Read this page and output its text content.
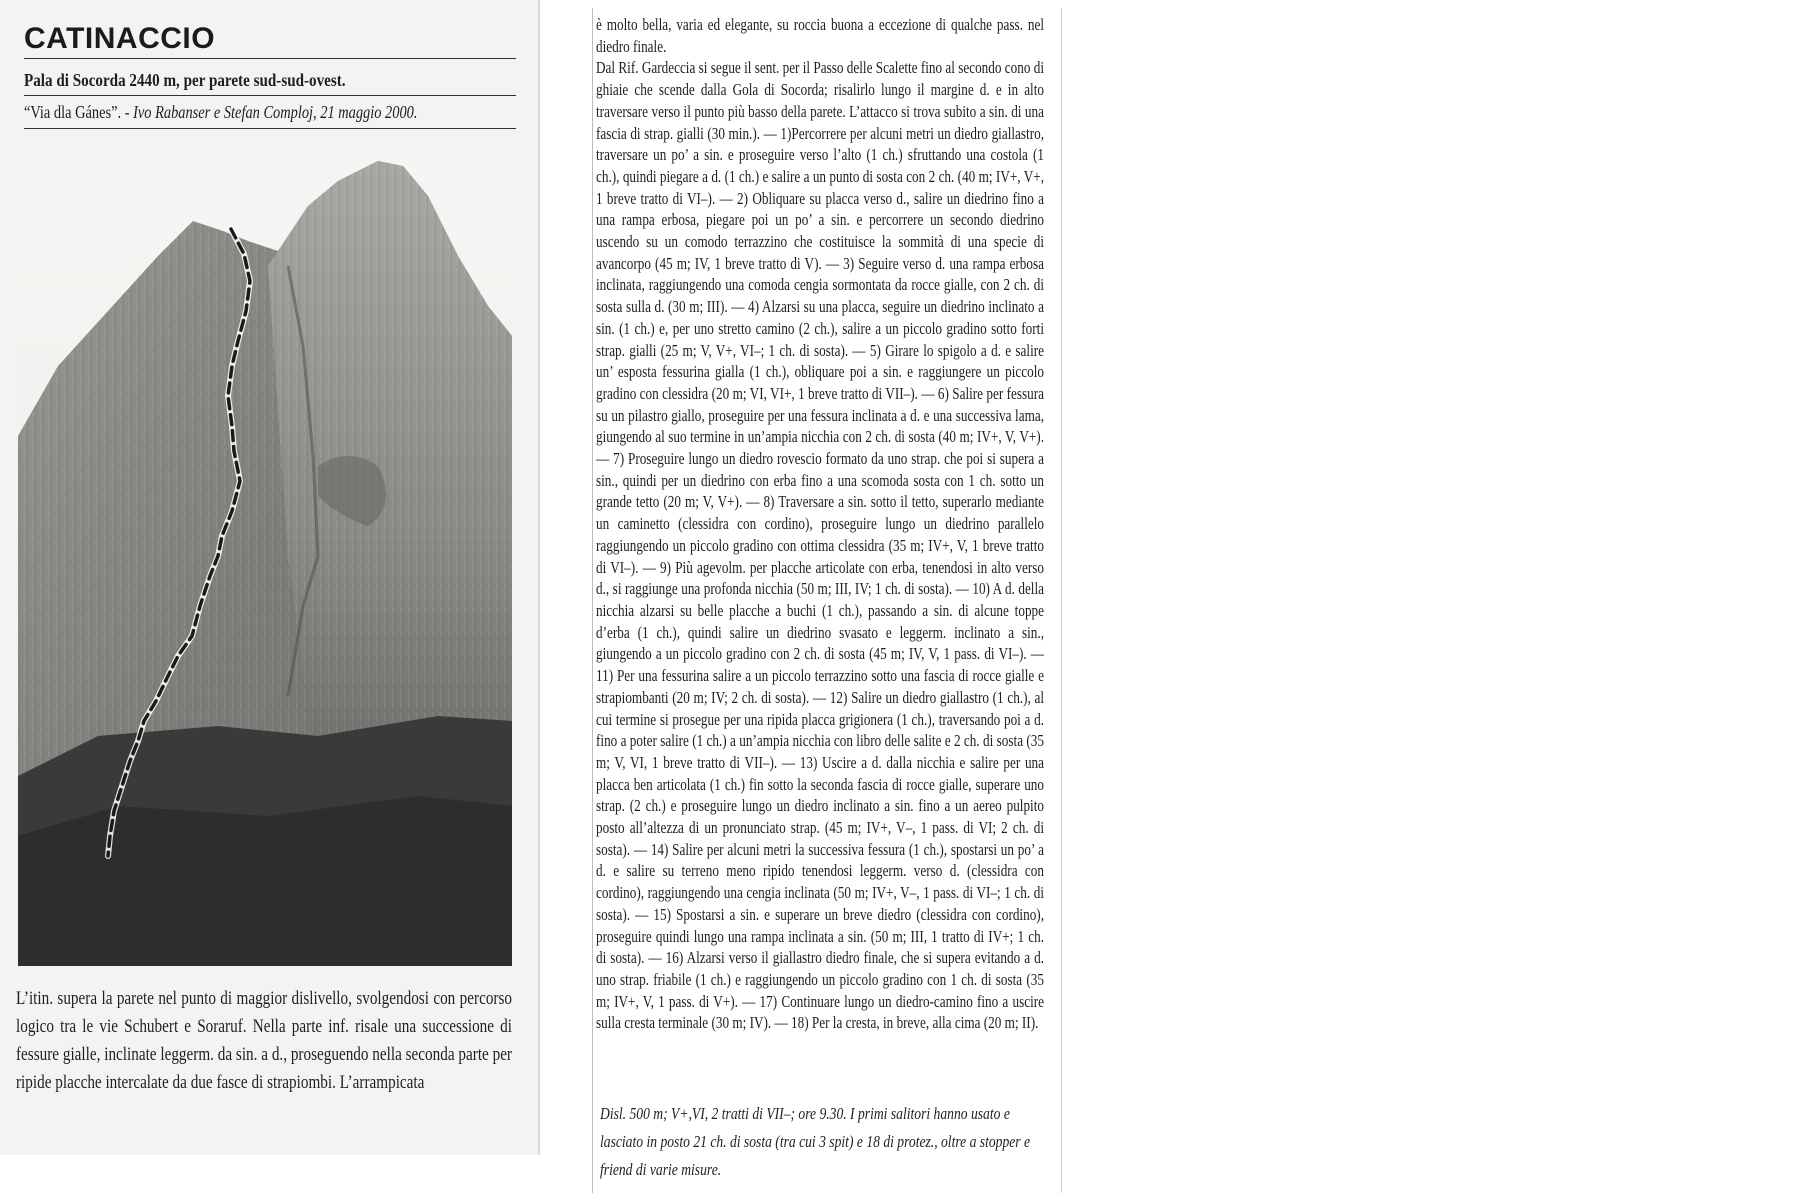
CATINACCIO
Pala di Socorda 2440 m, per parete sud-sud-ovest.
“Via dla Gánes”. - Ivo Rabanser e Stefan Comploj, 21 maggio 2000.
L’itin. supera la parete nel punto di maggior dislivello, svolgendosi con percorso logico tra le vie Schubert e Soraruf. Nella parte inf. risale una successione di fessure gialle, inclinate leggerm. da sin. a d., proseguendo nella seconda parte per ripide placche intercalate da due fasce di strapiombi. L’arrampicata

è molto bella, varia ed elegante, su roccia buona a eccezione di qualche pass. nel diedro finale.

Dal Rif. Gardeccia si segue il sent. per il Passo delle Scalette fino al secondo cono di ghiaie che scende dalla Gola di Socorda; risalirlo lungo il margine d. e in alto traversare verso il punto più basso della parete. L’attacco si trova subito a sin. di una fascia di strap. gialli (30 min.). — 1)Percorrere per alcuni metri un diedro giallastro, traversare un po’ a sin. e proseguire verso l’alto (1 ch.) sfruttando una costola (1 ch.), quindi piegare a d. (1 ch.) e salire a un punto di sosta con 2 ch. (40 m; IV+, V+, 1 breve tratto di VI–). — 2) Obliquare su placca verso d., salire un diedrino fino a una rampa erbosa, piegare poi un po’ a sin. e percorrere un secondo diedrino uscendo su un comodo terrazzino che costituisce la sommità di una specie di avancorpo (45 m; IV, 1 breve tratto di V). — 3) Seguire verso d. una rampa erbosa inclinata, raggiungendo una comoda cengia sormontata da rocce gialle, con 2 ch. di sosta sulla d. (30 m; III). — 4) Alzarsi su una placca, seguire un diedrino inclinato a sin. (1 ch.) e, per uno stretto camino (2 ch.), salire a un piccolo gradino sotto forti strap. gialli (25 m; V, V+, VI–; 1 ch. di sosta). — 5) Girare lo spigolo a d. e salire un’ esposta fessurina gialla (1 ch.), obliquare poi a sin. e raggiungere un piccolo gradino con clessidra (20 m; VI, VI+, 1 breve tratto di VII–). — 6) Salire per fessura su un pilastro giallo, proseguire per una fessura inclinata a d. e una successiva lama, giungendo al suo termine in un’ampia nicchia con 2 ch. di sosta (40 m; IV+, V, V+). — 7) Proseguire lungo un diedro rovescio formato da uno strap. che poi si supera a sin., quindi per un diedrino con erba fino a una scomoda sosta con 1 ch. sotto un grande tetto (20 m; V, V+). — 8) Traversare a sin. sotto il tetto, superarlo mediante un caminetto (clessidra con cordino), proseguire lungo un diedrino parallelo raggiungendo un piccolo gradino con ottima clessidra (35 m; IV+, V, 1 breve tratto di VI–). — 9) Più agevolm. per placche articolate con erba, tenendosi in alto verso d., si raggiunge una profonda nicchia (50 m; III, IV; 1 ch. di sosta). — 10) A d. della nicchia alzarsi su belle placche a buchi (1 ch.), passando a sin. di alcune toppe d’erba (1 ch.), quindi salire un diedrino svasato e leggerm. inclinato a sin., giungendo a un piccolo gradino con 2 ch. di sosta (45 m; IV, V, 1 pass. di VI–). — 11) Per una fessurina salire a un piccolo terrazzino sotto una fascia di rocce gialle e strapiombanti (20 m; IV; 2 ch. di sosta). — 12) Salire un diedro giallastro (1 ch.), al cui termine si prosegue per una ripida placca grigionera (1 ch.), traversando poi a d. fino a poter salire (1 ch.) a un’ampia nicchia con libro delle salite e 2 ch. di sosta (35 m; V, VI, 1 breve tratto di VII–). — 13) Uscire a d. dalla nicchia e salire per una placca ben articolata (1 ch.) fin sotto la seconda fascia di rocce gialle, superare uno strap. (2 ch.) e proseguire lungo un diedro inclinato a sin. fino a un aereo pulpito posto all’altezza di un pronunciato strap. (45 m; IV+, V–, 1 pass. di VI; 2 ch. di sosta). — 14) Salire per alcuni metri la successiva fessura (1 ch.), spostarsi un po’ a d. e salire su terreno meno ripido tenendosi leggerm. verso d. (clessidra con cordino), raggiungendo una cengia inclinata (50 m; IV+, V–, 1 pass. di VI–; 1 ch. di sosta). — 15) Spostarsi a sin. e superare un breve diedro (clessidra con cordino), proseguire quindi lungo una rampa inclinata a sin. (50 m; III, 1 tratto di IV+; 1 ch. di sosta). — 16) Alzarsi verso il giallastro diedro finale, che si supera evitando a d. uno strap. friabile (1 ch.) e raggiungendo un piccolo gradino con 1 ch. di sosta (35 m; IV+, V, 1 pass. di V+). — 17) Continuare lungo un diedro-camino fino a uscire sulla cresta terminale (30 m; IV). — 18) Per la cresta, in breve, alla cima (20 m; II).

Disl. 500 m; V+,VI, 2 tratti di VII–; ore 9.30. I primi salitori hanno usato e lasciato in posto 21 ch. di sosta (tra cui 3 spit) e 18 di protez., oltre a stopper e friend di varie misure.
